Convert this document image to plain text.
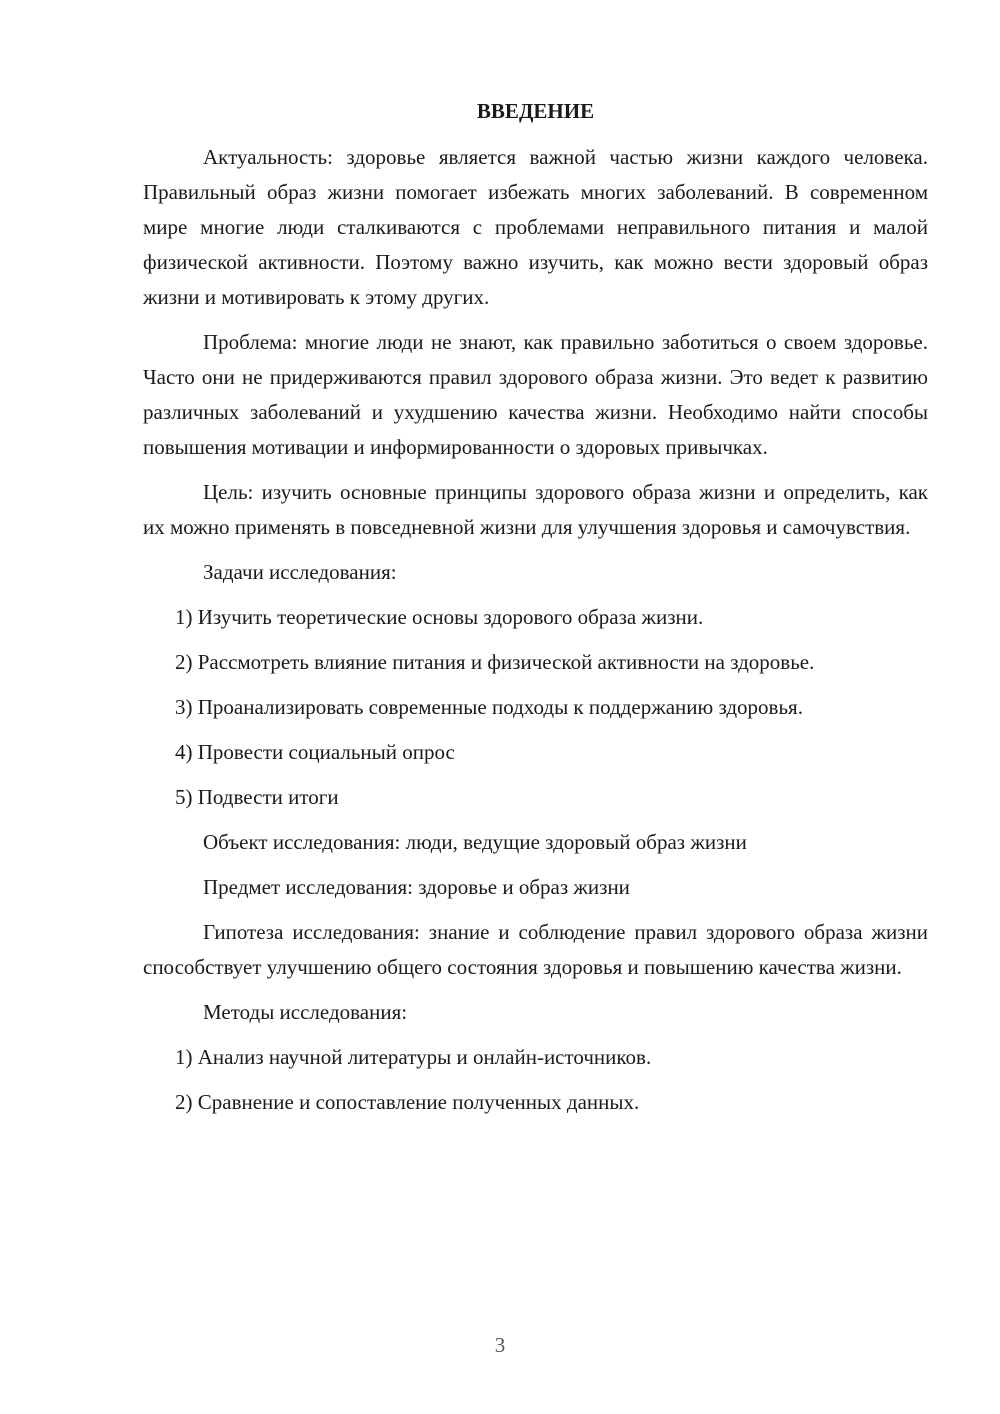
ВВЕДЕНИЕ

Актуальность: здоровье является важной частью жизни каждого человека. Правильный образ жизни помогает избежать многих заболеваний. В современном мире многие люди сталкиваются с проблемами неправильного питания и малой физической активности. Поэтому важно изучить, как можно вести здоровый образ жизни и мотивировать к этому других.

Проблема: многие люди не знают, как правильно заботиться о своем здоровье. Часто они не придерживаются правил здорового образа жизни. Это ведет к развитию различных заболеваний и ухудшению качества жизни. Необходимо найти способы повышения мотивации и информированности о здоровых привычках.

Цель: изучить основные принципы здорового образа жизни и определить, как их можно применять в повседневной жизни для улучшения здоровья и самочувствия.

Задачи исследования:

1) Изучить теоретические основы здорового образа жизни.

2) Рассмотреть влияние питания и физической активности на здоровье.

3) Проанализировать современные подходы к поддержанию здоровья.

4) Провести социальный опрос

5) Подвести итоги

Объект исследования: люди, ведущие здоровый образ жизни

Предмет исследования: здоровье и образ жизни

Гипотеза исследования: знание и соблюдение правил здорового образа жизни способствует улучшению общего состояния здоровья и повышению качества жизни.

Методы исследования:

1) Анализ научной литературы и онлайн-источников.

2) Сравнение и сопоставление полученных данных.

3
